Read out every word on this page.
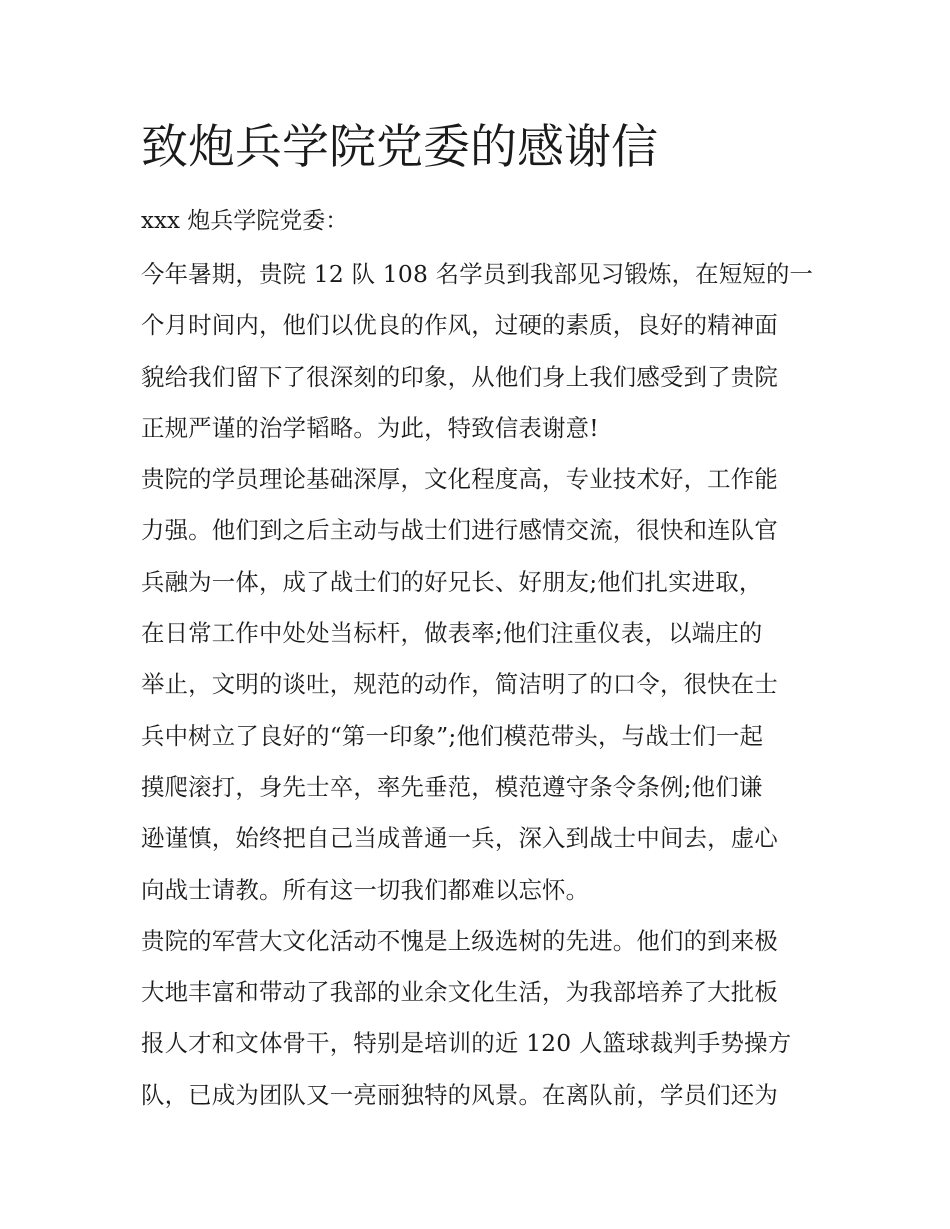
致炮兵学院党委的感谢信
xxx 炮兵学院党委：
今年暑期，贵院 12 队 108 名学员到我部见习锻炼，在短短的一
个月时间内，他们以优良的作风，过硬的素质，良好的精神面
貌给我们留下了很深刻的印象，从他们身上我们感受到了贵院
正规严谨的治学韬略。为此，特致信表谢意!
贵院的学员理论基础深厚，文化程度高，专业技术好，工作能
力强。他们到之后主动与战士们进行感情交流，很快和连队官
兵融为一体，成了战士们的好兄长、好朋友;他们扎实进取，
在日常工作中处处当标杆，做表率;他们注重仪表，以端庄的
举止，文明的谈吐，规范的动作，简洁明了的口令，很快在士
兵中树立了良好的“第一印象”;他们模范带头，与战士们一起
摸爬滚打，身先士卒，率先垂范，模范遵守条令条例;他们谦
逊谨慎，始终把自己当成普通一兵，深入到战士中间去，虚心
向战士请教。所有这一切我们都难以忘怀。
贵院的军营大文化活动不愧是上级选树的先进。他们的到来极
大地丰富和带动了我部的业余文化生活，为我部培养了大批板
报人才和文体骨干，特别是培训的近 120 人篮球裁判手势操方
队，已成为团队又一亮丽独特的风景。在离队前，学员们还为
